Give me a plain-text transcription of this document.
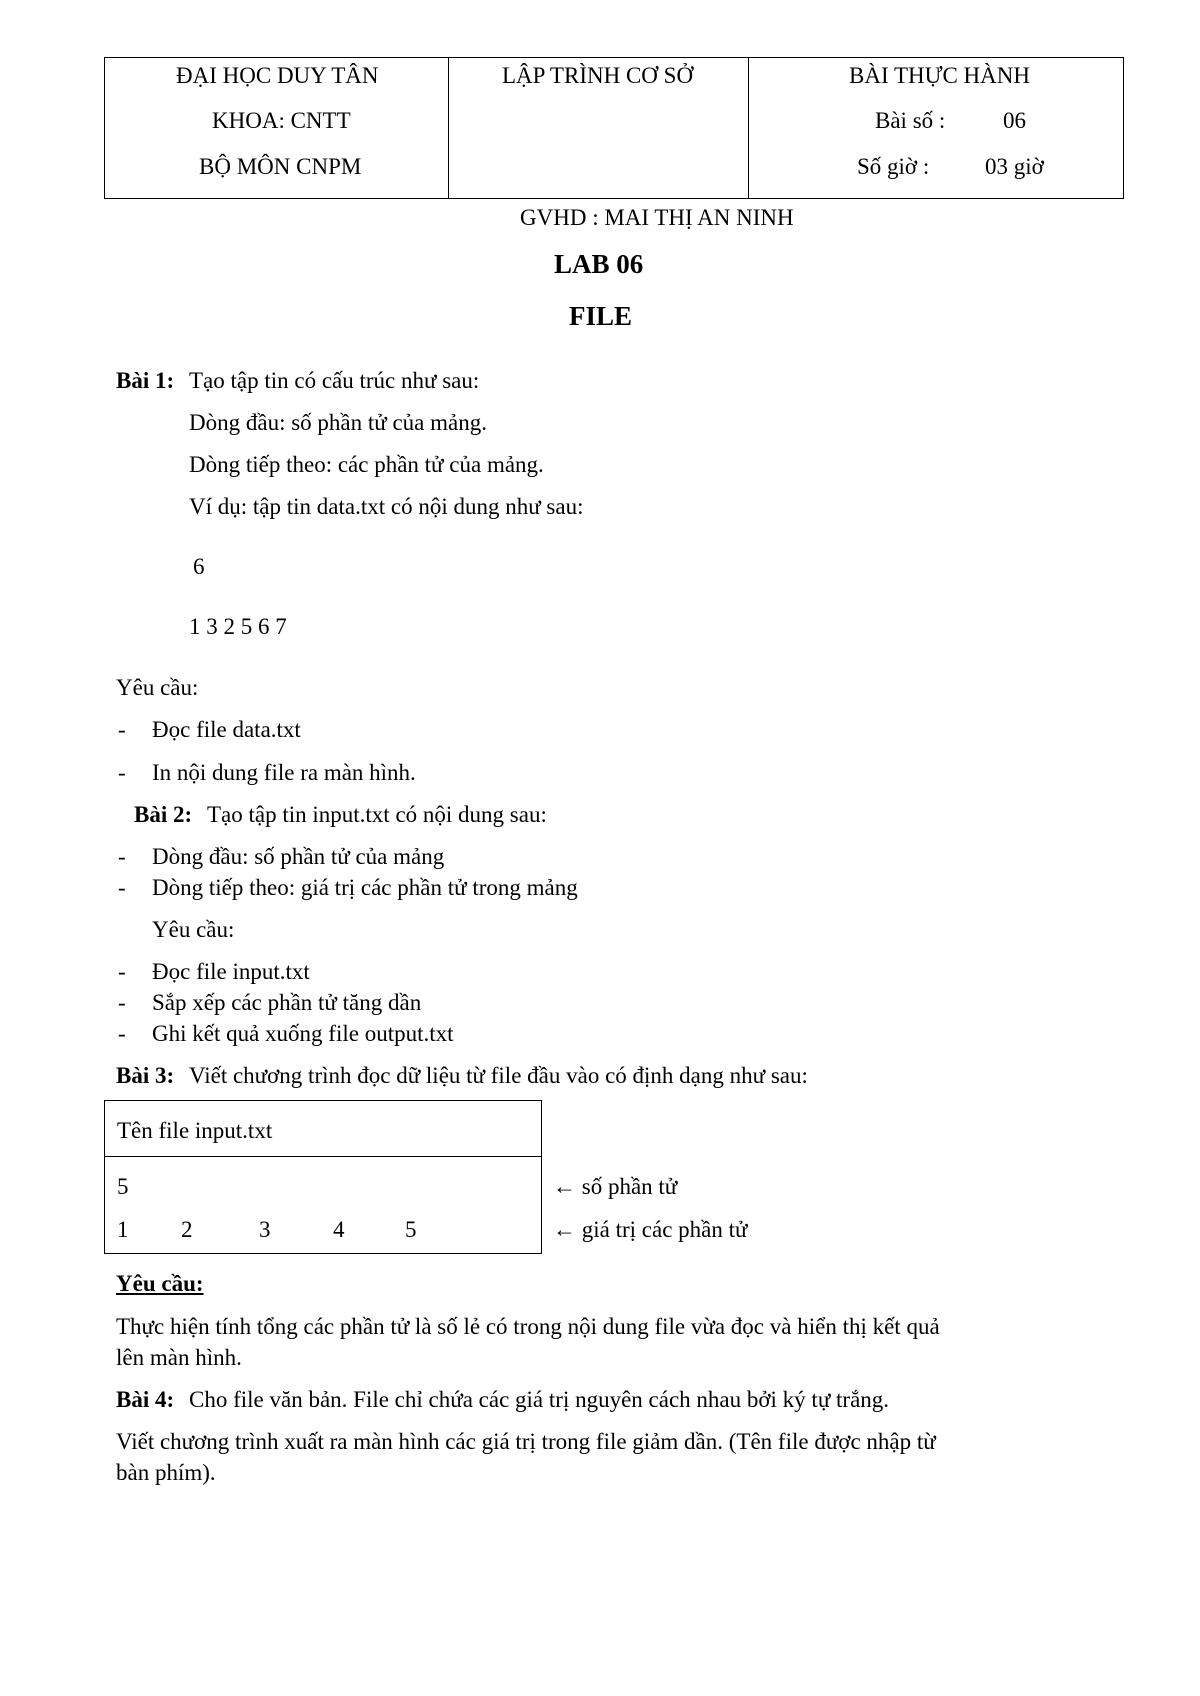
ĐẠI HỌC DUY TÂN
KHOA: CNTT
BỘ MÔN CNPM
LẬP TRÌNH CƠ SỞ	BÀI THỰC HÀNH
Bài số :	06
Số giờ : 03 giờ
GVHD : MAI THỊ AN NINH
LAB 06
FILE
Bài 1: Tạo tập tin có cấu trúc như sau:
Dòng đầu: số phần tử của mảng.
Dòng tiếp theo: các phần tử của mảng.
Ví dụ: tập tin data.txt có nội dung như sau:
6
1 3 2 5 6 7
Yêu cầu:
- Đọc file data.txt
- In nội dung file ra màn hình.
Bài 2: Tạo tập tin input.txt có nội dung sau:
- Dòng đầu: số phần tử của mảng
- Dòng tiếp theo: giá trị các phần tử trong mảng
Yêu cầu:
- Đọc file input.txt
- Sắp xếp các phần tử tăng dần
- Ghi kết quả xuống file output.txt
Bài 3: Viết chương trình đọc dữ liệu từ file đầu vào có định dạng như sau:
Tên file input.txt
5
1 2	3	4	5
← số phần tử
← giá trị các phần tử
Yêu cầu:
Thực hiện tính tổng các phần tử là số lẻ có trong nội dung file vừa đọc và hiển thị kết quả
lên màn hình.
Bài 4: Cho file văn bản. File chỉ chứa các giá trị nguyên cách nhau bởi ký tự trắng.
Viết chương trình xuất ra màn hình các giá trị trong file giảm dần. (Tên file được nhập từ
bàn phím).
